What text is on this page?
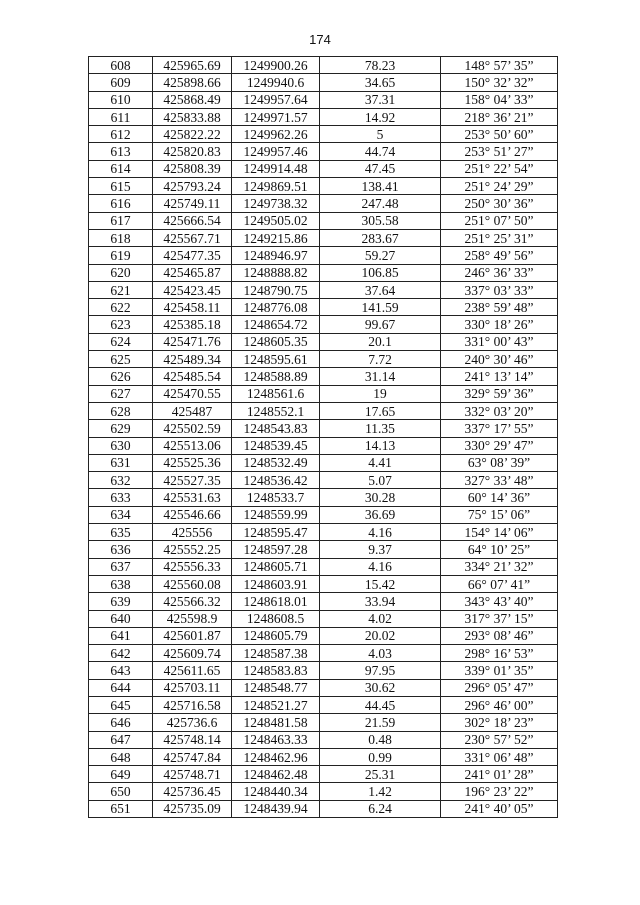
174
608	425965.69	1249900.26	78.23	148° 57’ 35”
609	425898.66	1249940.6	34.65	150° 32’ 32”
610	425868.49	1249957.64	37.31	158° 04’ 33”
611	425833.88	1249971.57	14.92	218° 36’ 21”
612	425822.22	1249962.26	5	253° 50’ 60”
613	425820.83	1249957.46	44.74	253° 51’ 27”
614	425808.39	1249914.48	47.45	251° 22’ 54”
615	425793.24	1249869.51	138.41	251° 24’ 29”
616	425749.11	1249738.32	247.48	250° 30’ 36”
617	425666.54	1249505.02	305.58	251° 07’ 50”
618	425567.71	1249215.86	283.67	251° 25’ 31”
619	425477.35	1248946.97	59.27	258° 49’ 56”
620	425465.87	1248888.82	106.85	246° 36’ 33”
621	425423.45	1248790.75	37.64	337° 03’ 33”
622	425458.11	1248776.08	141.59	238° 59’ 48”
623	425385.18	1248654.72	99.67	330° 18’ 26”
624	425471.76	1248605.35	20.1	331° 00’ 43”
625	425489.34	1248595.61	7.72	240° 30’ 46”
626	425485.54	1248588.89	31.14	241° 13’ 14”
627	425470.55	1248561.6	19	329° 59’ 36”
628	425487	1248552.1	17.65	332° 03’ 20”
629	425502.59	1248543.83	11.35	337° 17’ 55”
630	425513.06	1248539.45	14.13	330° 29’ 47”
631	425525.36	1248532.49	4.41	63° 08’ 39”
632	425527.35	1248536.42	5.07	327° 33’ 48”
633	425531.63	1248533.7	30.28	60° 14’ 36”
634	425546.66	1248559.99	36.69	75° 15’ 06”
635	425556	1248595.47	4.16	154° 14’ 06”
636	425552.25	1248597.28	9.37	64° 10’ 25”
637	425556.33	1248605.71	4.16	334° 21’ 32”
638	425560.08	1248603.91	15.42	66° 07’ 41”
639	425566.32	1248618.01	33.94	343° 43’ 40”
640	425598.9	1248608.5	4.02	317° 37’ 15”
641	425601.87	1248605.79	20.02	293° 08’ 46”
642	425609.74	1248587.38	4.03	298° 16’ 53”
643	425611.65	1248583.83	97.95	339° 01’ 35”
644	425703.11	1248548.77	30.62	296° 05’ 47”
645	425716.58	1248521.27	44.45	296° 46’ 00”
646	425736.6	1248481.58	21.59	302° 18’ 23”
647	425748.14	1248463.33	0.48	230° 57’ 52”
648	425747.84	1248462.96	0.99	331° 06’ 48”
649	425748.71	1248462.48	25.31	241° 01’ 28”
650	425736.45	1248440.34	1.42	196° 23’ 22”
651	425735.09	1248439.94	6.24	241° 40’ 05”
